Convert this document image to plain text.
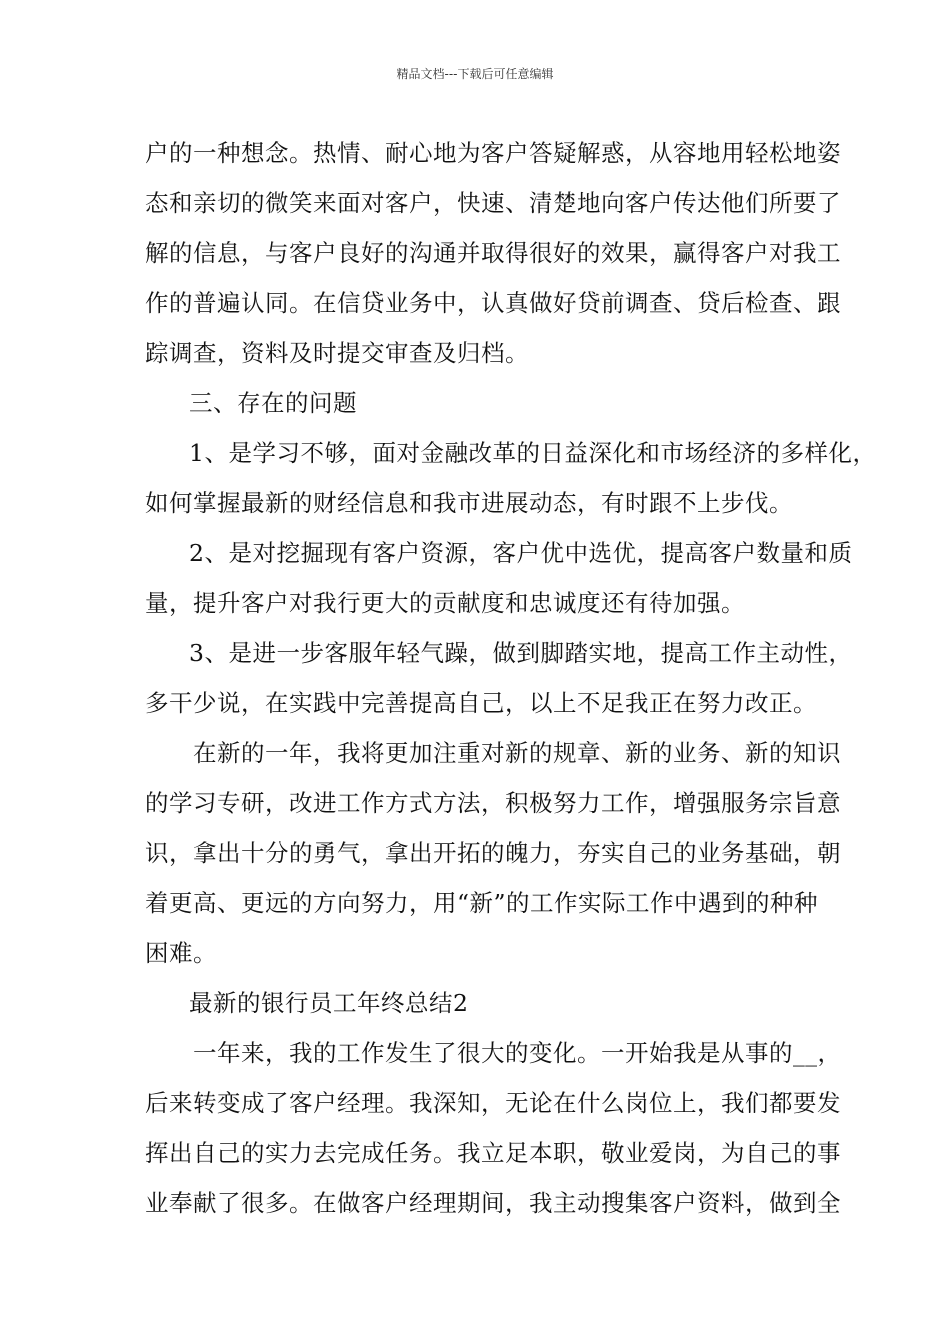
精品文档---下载后可任意编辑
户的一种想念。热情、耐心地为客户答疑解惑，从容地用轻松地姿
态和亲切的微笑来面对客户，快速、清楚地向客户传达他们所要了
解的信息，与客户良好的沟通并取得很好的效果，赢得客户对我工
作的普遍认同。在信贷业务中，认真做好贷前调查、贷后检查、跟
踪调查，资料及时提交审查及归档。
三、存在的问题
1、是学习不够，面对金融改革的日益深化和市场经济的多样化，
如何掌握最新的财经信息和我市进展动态，有时跟不上步伐。
2、是对挖掘现有客户资源，客户优中选优，提高客户数量和质
量，提升客户对我行更大的贡献度和忠诚度还有待加强。
3、是进一步客服年轻气躁，做到脚踏实地，提高工作主动性，
多干少说，在实践中完善提高自己，以上不足我正在努力改正。
在新的一年，我将更加注重对新的规章、新的业务、新的知识
的学习专研，改进工作方式方法，积极努力工作，增强服务宗旨意
识，拿出十分的勇气，拿出开拓的魄力，夯实自己的业务基础，朝
着更高、更远的方向努力，用“新”的工作实际工作中遇到的种种
困难。
最新的银行员工年终总结2
一年来，我的工作发生了很大的变化。一开始我是从事的__，
后来转变成了客户经理。我深知，无论在什么岗位上，我们都要发
挥出自己的实力去完成任务。我立足本职，敬业爱岗，为自己的事
业奉献了很多。在做客户经理期间，我主动搜集客户资料，做到全
